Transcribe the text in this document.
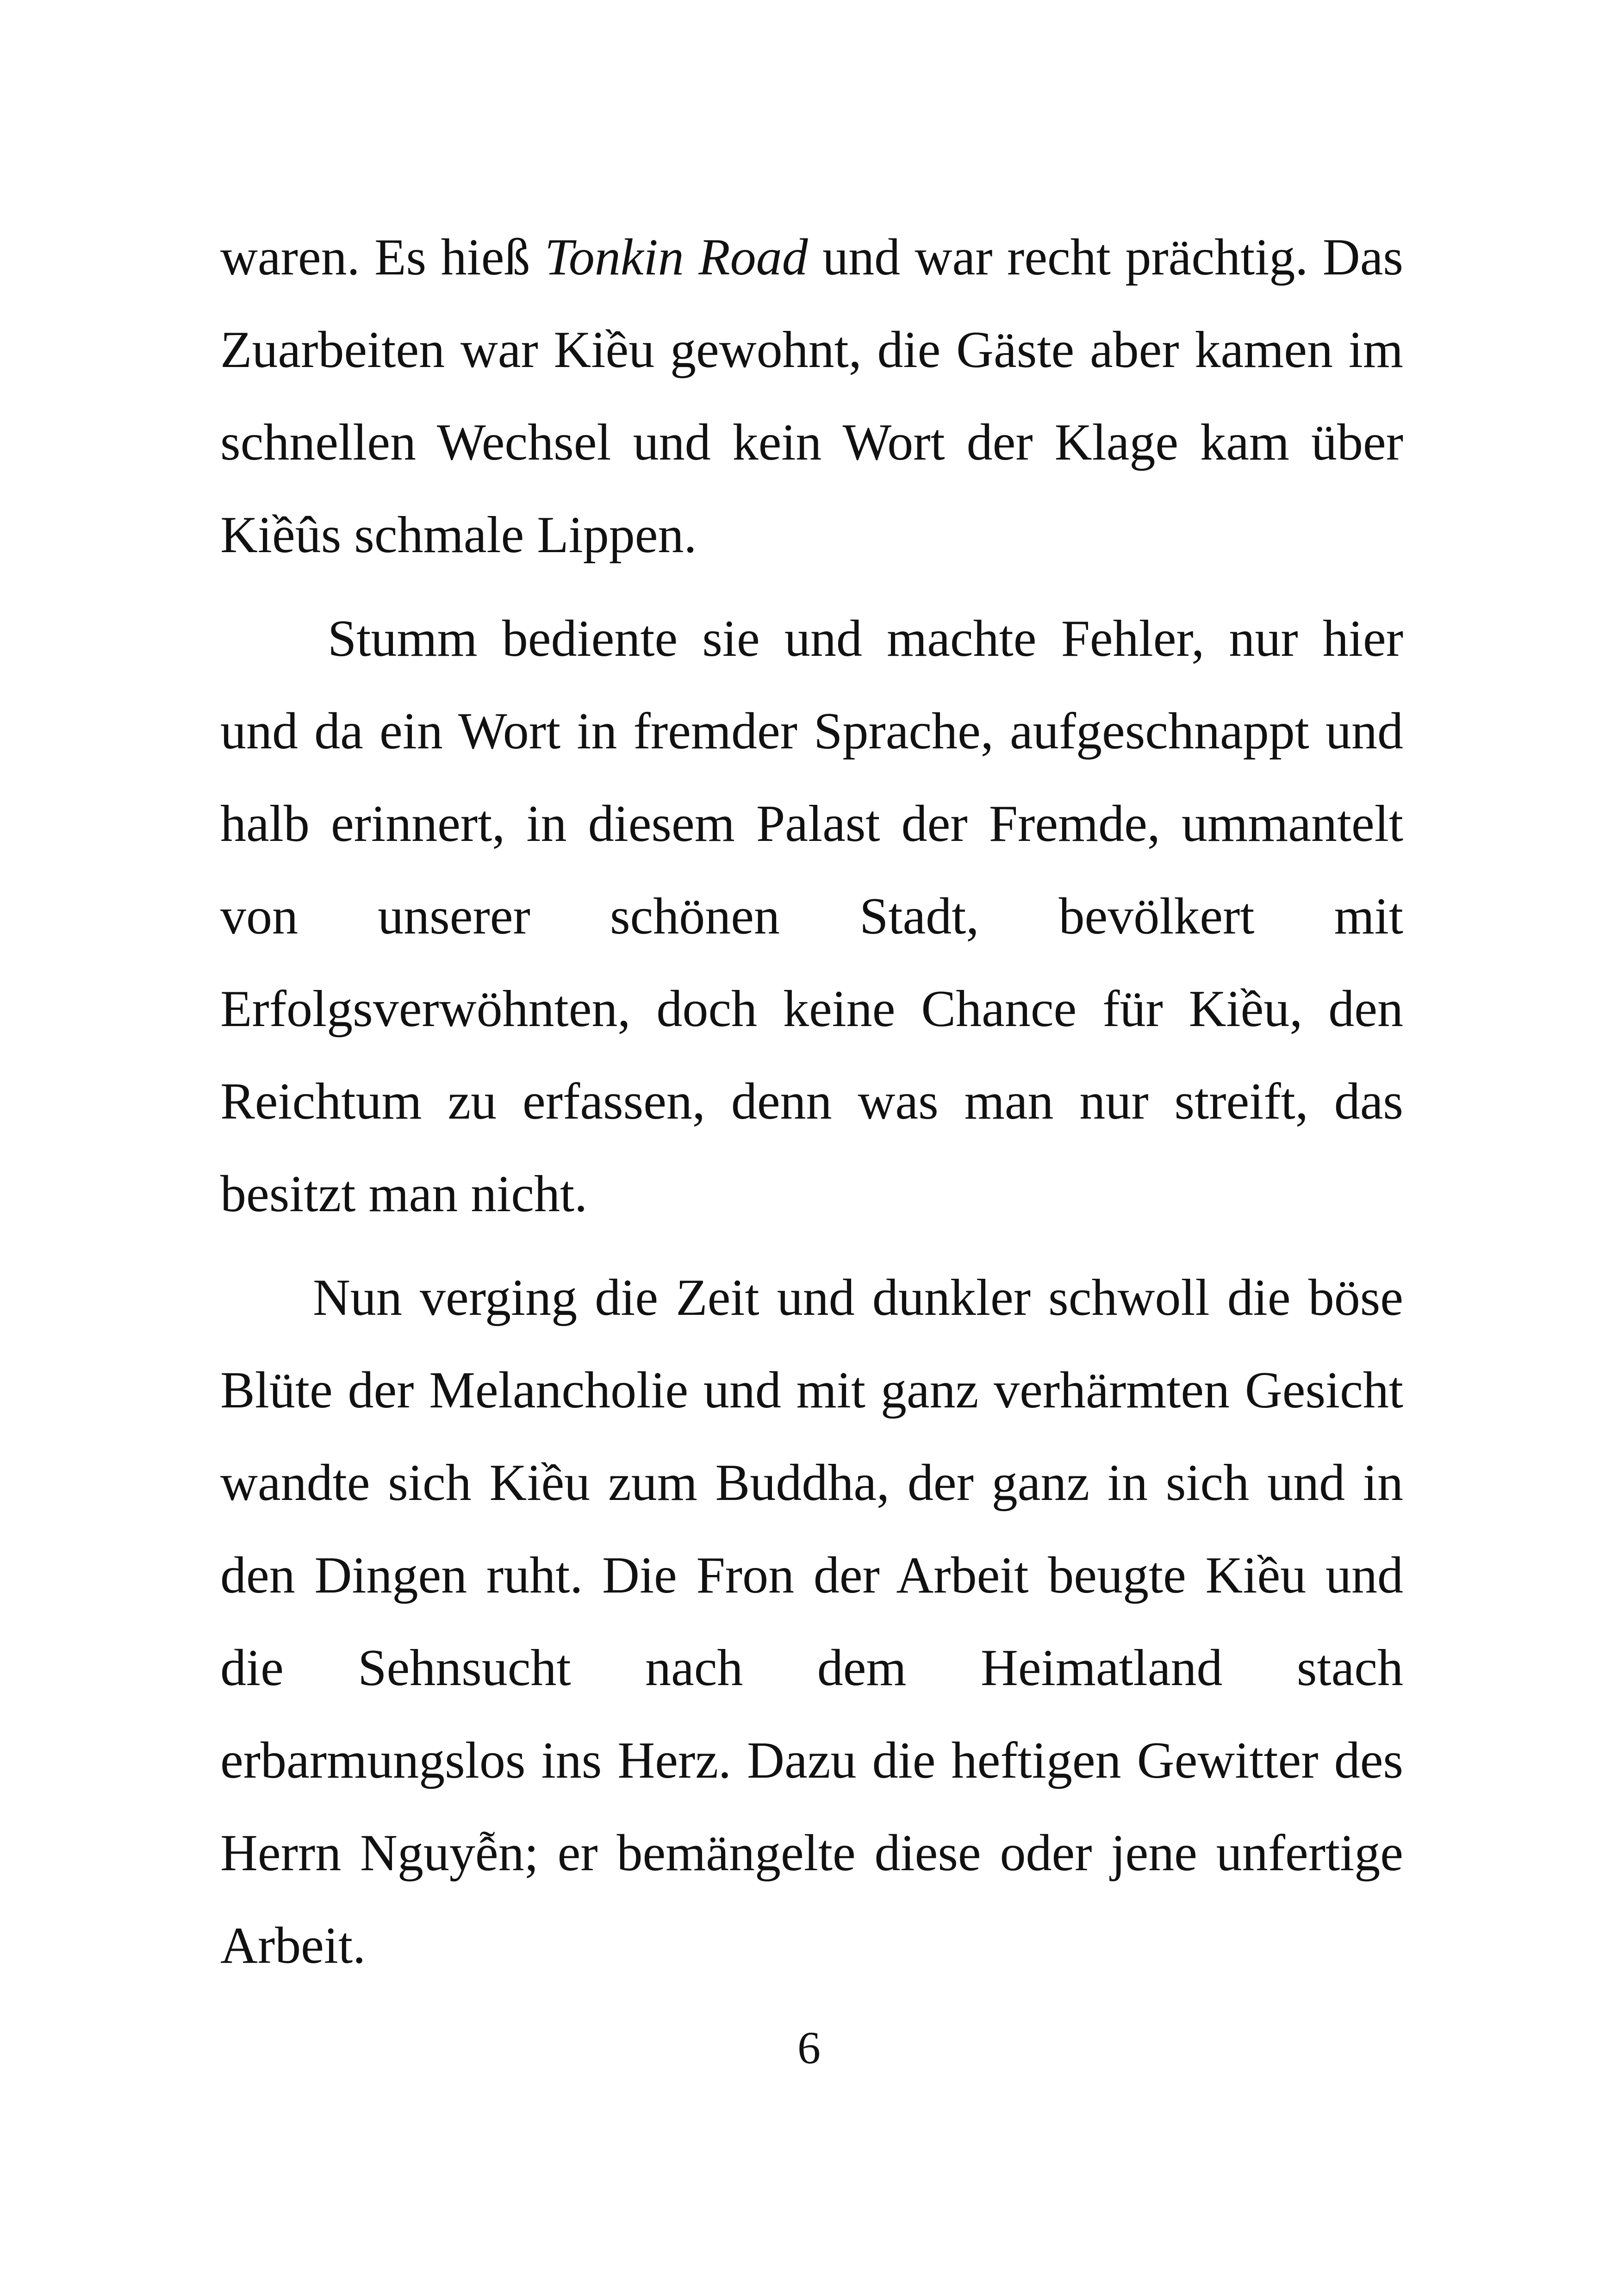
waren. Es hieß Tonkin Road und war recht prächtig. Das Zuarbeiten war Kiều gewohnt, die Gäste aber kamen im schnellen Wechsel und kein Wort der Klage kam über Kiềûs schmale Lippen.

Stumm bediente sie und machte Fehler, nur hier und da ein Wort in fremder Sprache, aufgeschnappt und halb erinnert, in diesem Palast der Fremde, ummantelt von unserer schönen Stadt, bevölkert mit Erfolgsverwöhnten, doch keine Chance für Kiều, den Reichtum zu erfassen, denn was man nur streift, das besitzt man nicht.

Nun verging die Zeit und dunkler schwoll die böse Blüte der Melancholie und mit ganz verhärmten Gesicht wandte sich Kiều zum Buddha, der ganz in sich und in den Dingen ruht. Die Fron der Arbeit beugte Kiều und die Sehnsucht nach dem Heimatland stach erbarmungslos ins Herz. Dazu die heftigen Gewitter des Herrn Nguyễn; er bemängelte diese oder jene unfertige Arbeit.

6
